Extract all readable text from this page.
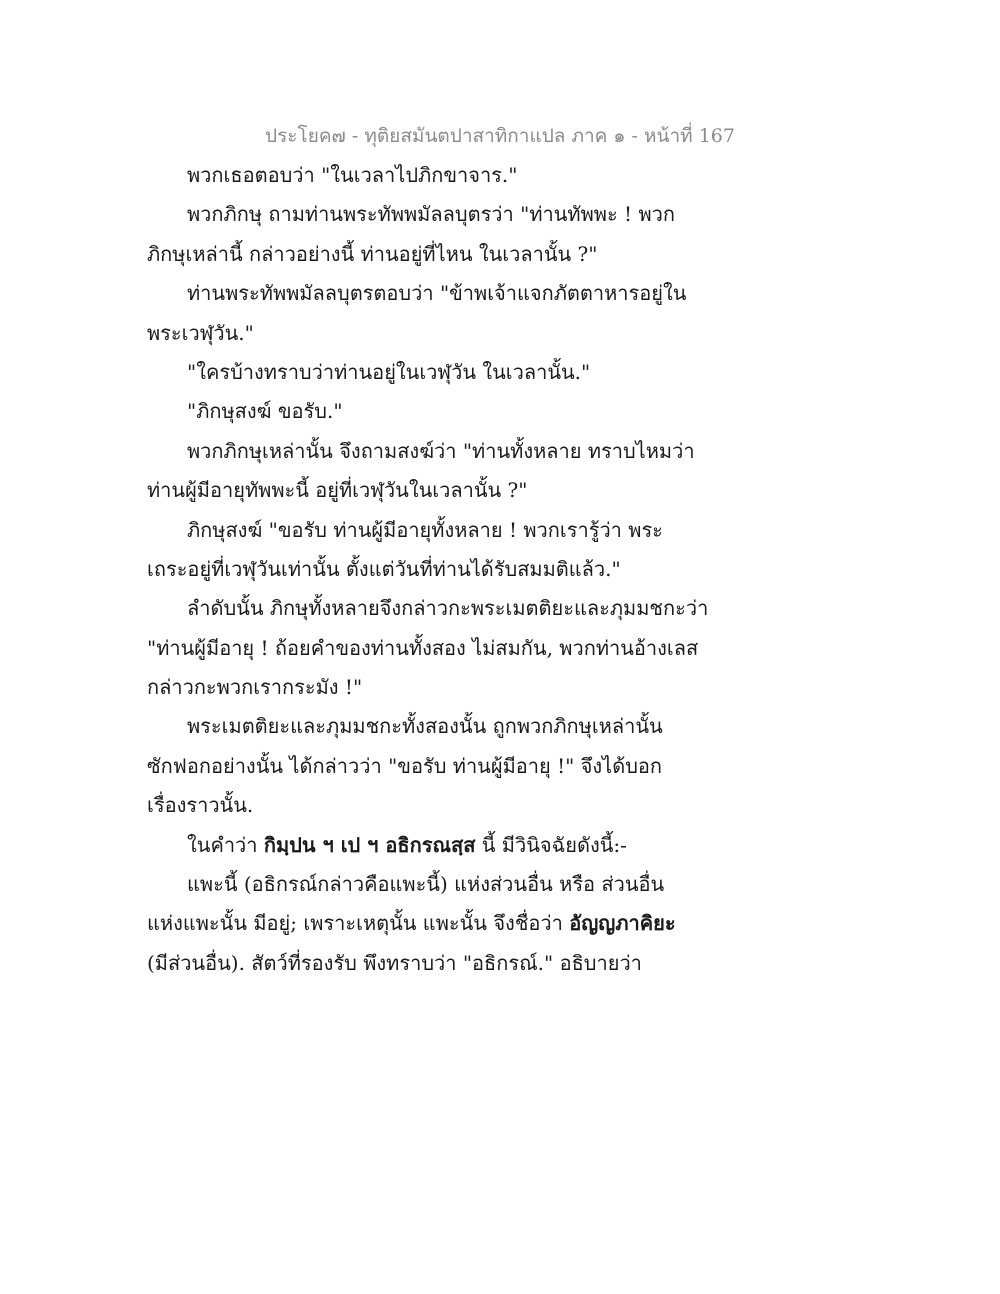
ประโยค๗ - ทุติยสมันตปาสาทิกาแปล ภาค ๑ - หน้าที่ 167
พวกเธอตอบว่า "ในเวลาไปภิกขาจาร."
พวกภิกษุ ถามท่านพระทัพพมัลลบุตรว่า "ท่านทัพพะ ! พวก
ภิกษุเหล่านี้ กล่าวอย่างนี้ ท่านอยู่ที่ไหน ในเวลานั้น ?"
ท่านพระทัพพมัลลบุตรตอบว่า "ข้าพเจ้าแจกภัตตาหารอยู่ใน
พระเวฬุวัน."
"ใครบ้างทราบว่าท่านอยู่ในเวฬุวัน ในเวลานั้น."
"ภิกษุสงฆ์ ขอรับ."
พวกภิกษุเหล่านั้น จึงถามสงฆ์ว่า "ท่านทั้งหลาย ทราบไหมว่า
ท่านผู้มีอายุทัพพะนี้ อยู่ที่เวฬุวันในเวลานั้น ?"
ภิกษุสงฆ์ "ขอรับ ท่านผู้มีอายุทั้งหลาย ! พวกเรารู้ว่า พระ
เถระอยู่ที่เวฬุวันเท่านั้น ตั้งแต่วันที่ท่านได้รับสมมติแล้ว."
ลำดับนั้น ภิกษุทั้งหลายจึงกล่าวกะพระเมตติยะและภุมมชกะว่า
"ท่านผู้มีอายุ ! ถ้อยคำของท่านทั้งสอง ไม่สมกัน, พวกท่านอ้างเลส
กล่าวกะพวกเรากระมัง !"
พระเมตติยะและภุมมชกะทั้งสองนั้น ถูกพวกภิกษุเหล่านั้น
ซักฟอกอย่างนั้น ได้กล่าวว่า "ขอรับ ท่านผู้มีอายุ !" จึงได้บอก
เรื่องราวนั้น.
ในคำว่า กิมฺปน ฯ เป ฯ อธิกรณสฺส นี้ มีวินิจฉัยดังนี้:-
แพะนี้ (อธิกรณ์กล่าวคือแพะนี้) แห่งส่วนอื่น หรือ ส่วนอื่น
แห่งแพะนั้น มีอยู่; เพราะเหตุนั้น แพะนั้น จึงชื่อว่า อัญญภาคิยะ
(มีส่วนอื่น). สัตว์ที่รองรับ พึงทราบว่า "อธิกรณ์." อธิบายว่า
